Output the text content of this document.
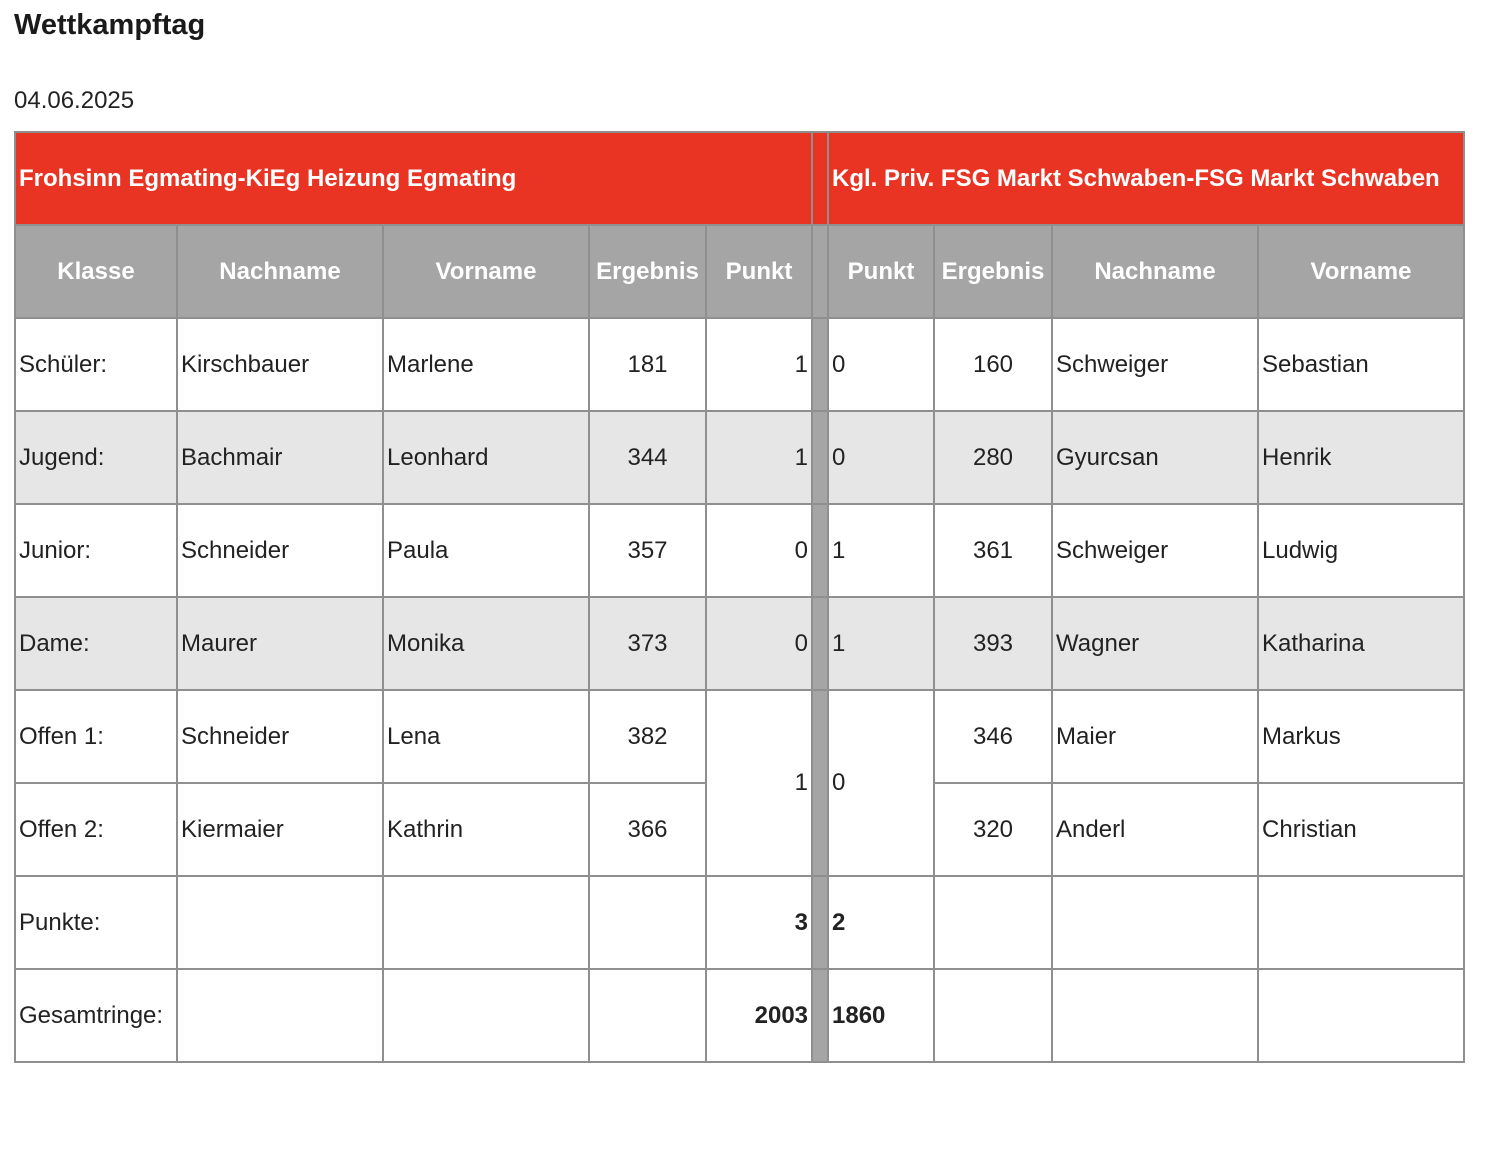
Wettkampftag
04.06.2025
Frohsinn Egmating-KiEg Heizung Egmating						Kgl. Priv. FSG Markt Schwaben-FSG Markt Schwaben			
Klasse	Nachname	Vorname	Ergebnis	Punkt		Punkt	Ergebnis	Nachname	Vorname
Schüler:	Kirschbauer	Marlene	181	1		0	160	Schweiger	Sebastian
Jugend:	Bachmair	Leonhard	344	1		0	280	Gyurcsan	Henrik
Junior:	Schneider	Paula	357	0		1	361	Schweiger	Ludwig
Dame:	Maurer	Monika	373	0		1	393	Wagner	Katharina
Offen 1:	Schneider	Lena	382	1		0	346	Maier	Markus
Offen 2:	Kiermaier	Kathrin	366				320	Anderl	Christian
Punkte:				3		2			
Gesamtringe:				2003		1860			
